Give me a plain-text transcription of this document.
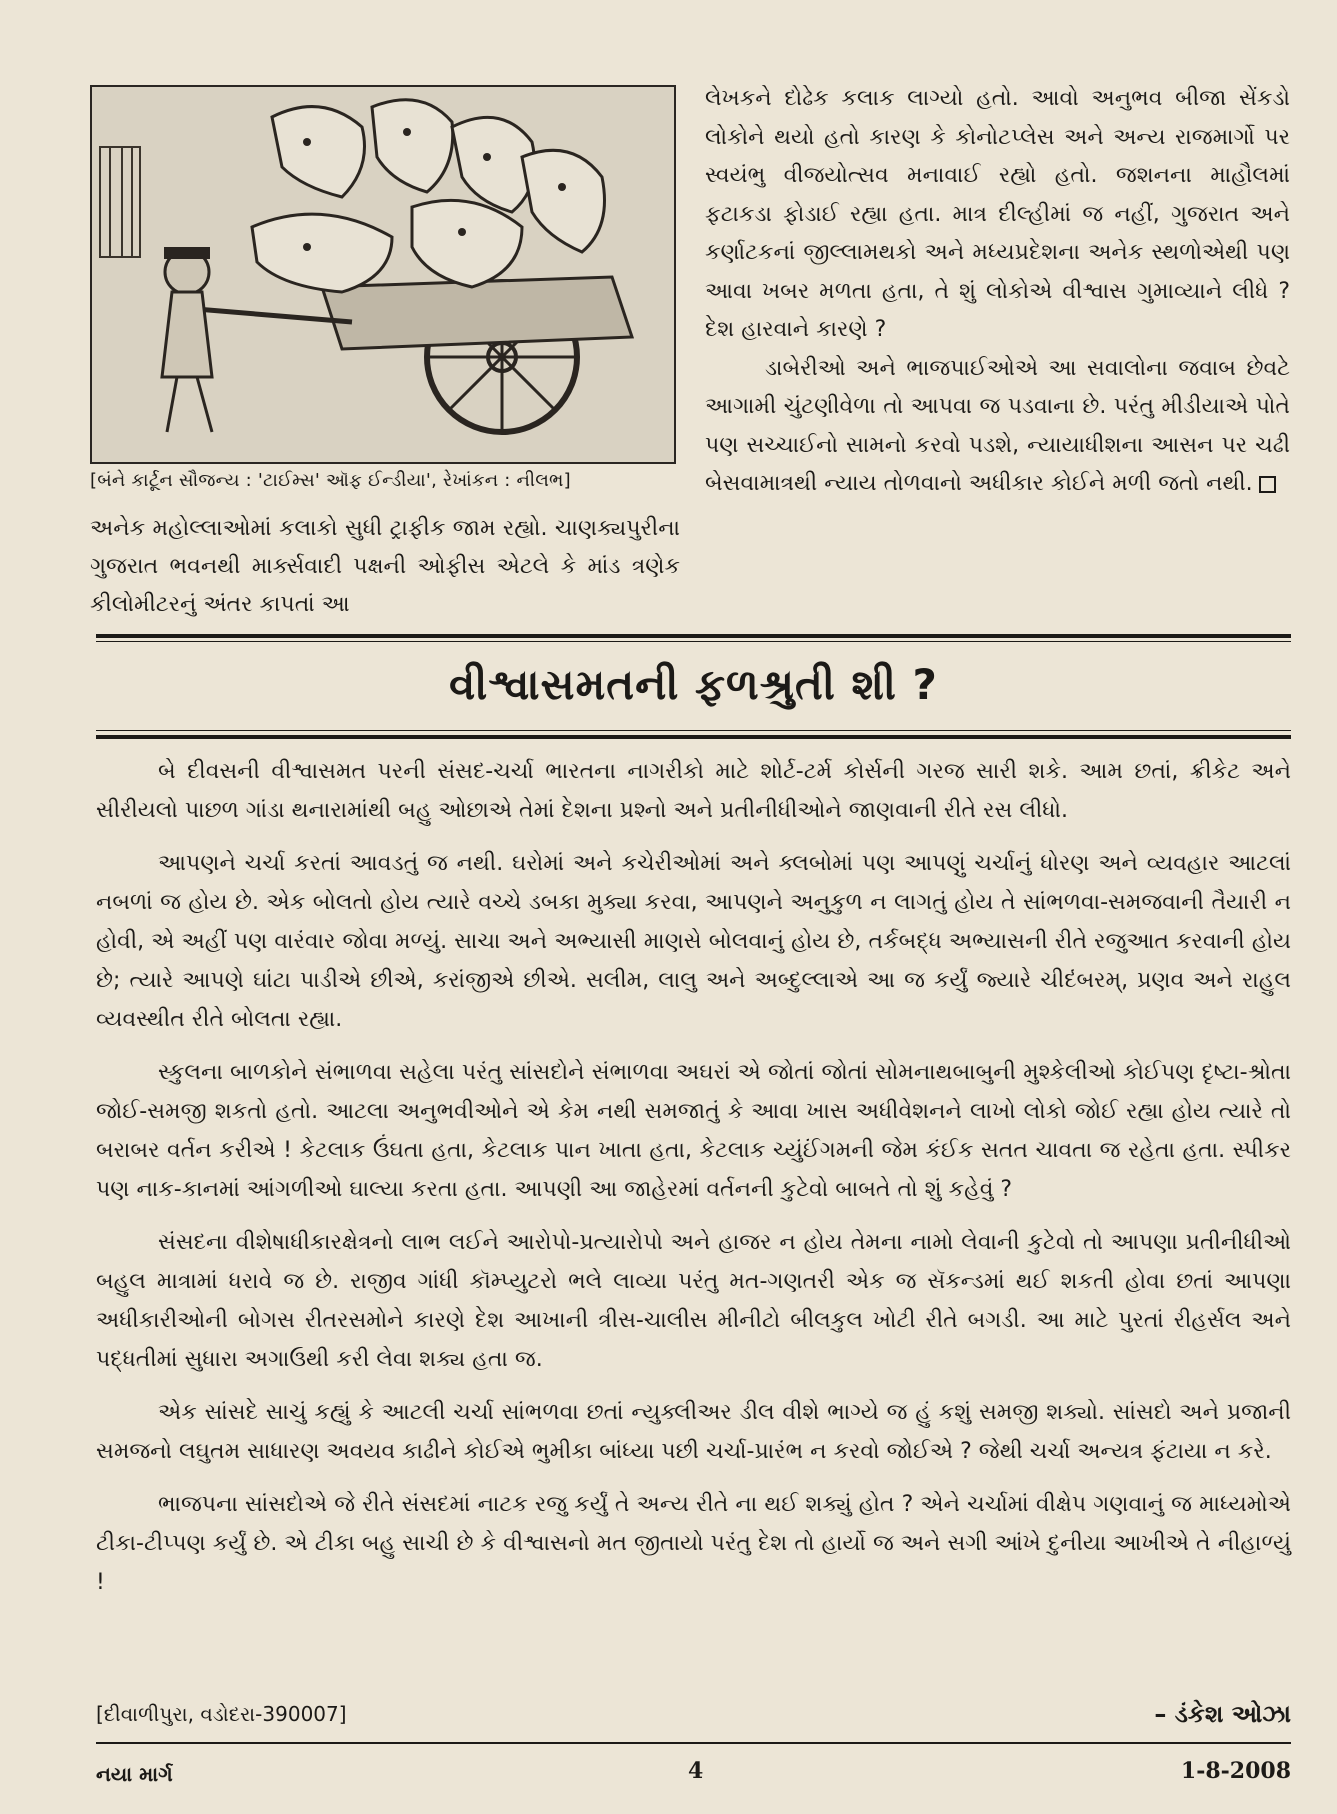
[બંને કાર્ટૂન સૌજન્ય : 'ટાઈમ્સ' ઑફ ઈન્ડીયા', રેખાંકન : નીલભ]

અનેક મહોલ્લાઓમાં કલાકો સુધી ટ્રાફીક જામ રહ્યો. ચાણક્યપુરીના ગુજરાત ભવનથી માર્ક્સવાદી પક્ષની ઓફીસ એટલે કે માંડ ત્રણેક કીલોમીટરનું અંતર કાપતાં આ

લેખકને દોઢેક કલાક લાગ્યો હતો. આવો અનુભવ બીજા સેંકડો લોકોને થયો હતો કારણ કે કોનોટપ્લેસ અને અન્ય રાજમાર્ગો પર સ્વયંભુ વીજયોત્સવ મનાવાઈ રહ્યો હતો. જશનના માહૌલમાં ફટાકડા ફોડાઈ રહ્યા હતા. માત્ર દીલ્હીમાં જ નહીં, ગુજરાત અને કર્ણાટકનાં જીલ્લામથકો અને મધ્યપ્રદેશના અનેક સ્થળોએથી પણ આવા ખબર મળતા હતા, તે શું લોકોએ વીશ્વાસ ગુમાવ્યાને લીધે ? દેશ હારવાને કારણે ?

ડાબેરીઓ અને ભાજપાઈઓએ આ સવાલોના જવાબ છેવટે આગામી ચુંટણીવેળા તો આપવા જ પડવાના છે. પરંતુ મીડીયાએ પોતે પણ સચ્ચાઈનો સામનો કરવો પડશે, ન્યાયાધીશના આસન પર ચઢી બેસવામાત્રથી ન્યાય તોળવાનો અધીકાર કોઈને મળી જતો નથી.

વીશ્વાસમતની ફળશ્રુતી શી ?

બે દીવસની વીશ્વાસમત પરની સંસદ-ચર્ચા ભારતના નાગરીકો માટે શોર્ટ-ટર્મ કોર્સની ગરજ સારી શકે. આમ છતાં, ક્રીકેટ અને સીરીયલો પાછળ ગાંડા થનારામાંથી બહુ ઓછાએ તેમાં દેશના પ્રશ્નો અને પ્રતીનીધીઓને જાણવાની રીતે રસ લીધો.

આપણને ચર્ચા કરતાં આવડતું જ નથી. ઘરોમાં અને કચેરીઓમાં અને ક્લબોમાં પણ આપણું ચર્ચાનું ધોરણ અને વ્યવહાર આટલાં નબળાં જ હોય છે. એક બોલતો હોય ત્યારે વચ્ચે ડબકા મુક્યા કરવા, આપણને અનુકુળ ન લાગતું હોય તે સાંભળવા-સમજવાની તૈયારી ન હોવી, એ અહીં પણ વારંવાર જોવા મળ્યું. સાચા અને અભ્યાસી માણસે બોલવાનું હોય છે, તર્કબદ્ધ અભ્યાસની રીતે રજુઆત કરવાની હોય છે; ત્યારે આપણે ઘાંટા પાડીએ છીએ, કરાંજીએ છીએ. સલીમ, લાલુ અને અબ્દુલ્લાએ આ જ કર્યું જ્યારે ચીદંબરમ્, પ્રણવ અને રાહુલ વ્યવસ્થીત રીતે બોલતા રહ્યા.

સ્કુલના બાળકોને સંભાળવા સહેલા પરંતુ સાંસદોને સંભાળવા અઘરાં એ જોતાં જોતાં સોમનાથબાબુની મુશ્કેલીઓ કોઈપણ દૃષ્ટા-શ્રોતા જોઈ-સમજી શકતો હતો. આટલા અનુભવીઓને એ કેમ નથી સમજાતું કે આવા ખાસ અધીવેશનને લાખો લોકો જોઈ રહ્યા હોય ત્યારે તો બરાબર વર્તન કરીએ ! કેટલાક ઉંઘતા હતા, કેટલાક પાન ખાતા હતા, કેટલાક ચ્યુંઈંગમની જેમ કંઈક સતત ચાવતા જ રહેતા હતા. સ્પીકર પણ નાક-કાનમાં આંગળીઓ ઘાલ્યા કરતા હતા. આપણી આ જાહેરમાં વર્તનની કુટેવો બાબતે તો શું કહેવું ?

સંસદના વીશેષાધીકારક્ષેત્રનો લાભ લઈને આરોપો-પ્રત્યારોપો અને હાજર ન હોય તેમના નામો લેવાની કુટેવો તો આપણા પ્રતીનીધીઓ બહુલ માત્રામાં ધરાવે જ છે. રાજીવ ગાંધી કૉમ્પ્યુટરો ભલે લાવ્યા પરંતુ મત-ગણતરી એક જ સૅકન્ડમાં થઈ શકતી હોવા છતાં આપણા અધીકારીઓની બોગસ રીતરસમોને કારણે દેશ આખાની ત્રીસ-ચાલીસ મીનીટો બીલકુલ ખોટી રીતે બગડી. આ માટે પુરતાં રીહર્સલ અને પદ્ધતીમાં સુધારા અગાઉથી કરી લેવા શક્ય હતા જ.

એક સાંસદે સાચું કહ્યું કે આટલી ચર્ચા સાંભળવા છતાં ન્યુક્લીઅર ડીલ વીશે ભાગ્યે જ હું કશું સમજી શક્યો. સાંસદો અને પ્રજાની સમજનો લઘુતમ સાધારણ અવયવ કાઢીને કોઈએ ભુમીકા બાંધ્યા પછી ચર્ચા-પ્રારંભ ન કરવો જોઈએ ? જેથી ચર્ચા અન્યત્ર ફંટાયા ન કરે.

ભાજપના સાંસદોએ જે રીતે સંસદમાં નાટક રજુ કર્યું તે અન્ય રીતે ના થઈ શક્યું હોત ? એને ચર્ચામાં વીક્ષેપ ગણવાનું જ માધ્યમોએ ટીકા-ટીપ્પણ કર્યું છે. એ ટીકા બહુ સાચી છે કે વીશ્વાસનો મત જીતાયો પરંતુ દેશ તો હાર્યો જ અને સગી આંખે દુનીયા આખીએ તે નીહાળ્યું !

[દીવાળીપુરા, વડોદરા-390007]	– ડંકેશ ઓઝા
નયા માર્ગ	4	1-8-2008
